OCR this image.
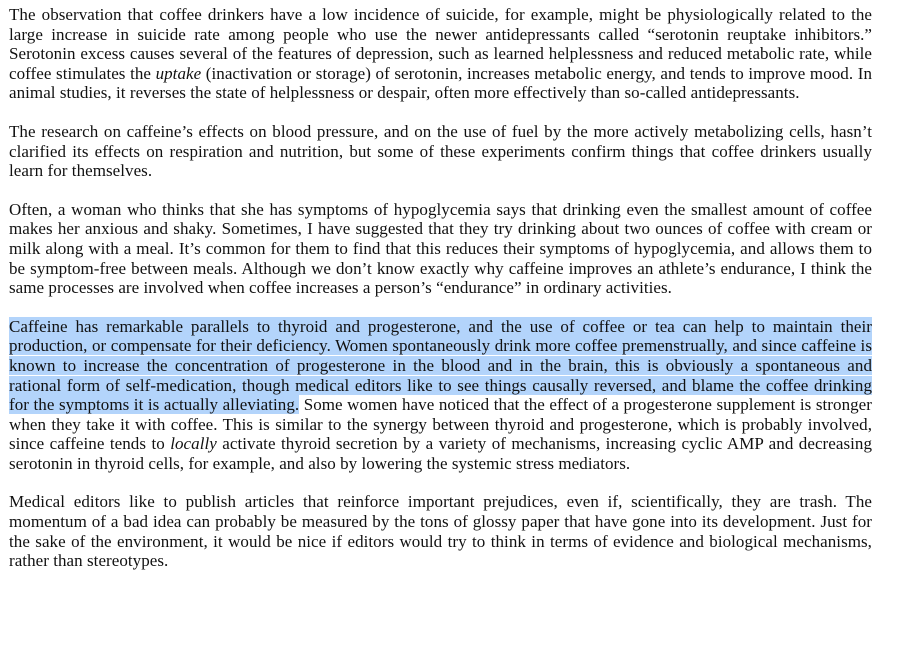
The observation that coffee drinkers have a low incidence of suicide, for example, might be physiologically related to the large increase in suicide rate among people who use the newer antidepressants called “serotonin reuptake inhibitors.” Serotonin excess causes several of the features of depression, such as learned helplessness and reduced metabolic rate, while coffee stimulates the uptake (inactivation or storage) of serotonin, increases metabolic energy, and tends to improve mood. In animal studies, it reverses the state of helplessness or despair, often more effectively than so-called antidepressants.

The research on caffeine’s effects on blood pressure, and on the use of fuel by the more actively metabolizing cells, hasn’t clarified its effects on respiration and nutrition, but some of these experiments confirm things that coffee drinkers usually learn for themselves.

Often, a woman who thinks that she has symptoms of hypoglycemia says that drinking even the smallest amount of coffee makes her anxious and shaky. Sometimes, I have suggested that they try drinking about two ounces of coffee with cream or milk along with a meal. It’s common for them to find that this reduces their symptoms of hypoglycemia, and allows them to be symptom-free between meals. Although we don’t know exactly why caffeine improves an athlete’s endurance, I think the same processes are involved when coffee increases a person’s “endurance” in ordinary activities.

Caffeine has remarkable parallels to thyroid and progesterone, and the use of coffee or tea can help to maintain their production, or compensate for their deficiency. Women spontaneously drink more coffee premenstrually, and since caffeine is known to increase the concentration of progesterone in the blood and in the brain, this is obviously a spontaneous and rational form of self-medication, though medical editors like to see things causally reversed, and blame the coffee drinking for the symptoms it is actually alleviating. Some women have noticed that the effect of a progesterone supplement is stronger when they take it with coffee. This is similar to the synergy between thyroid and progesterone, which is probably involved, since caffeine tends to locally activate thyroid secretion by a variety of mechanisms, increasing cyclic AMP and decreasing serotonin in thyroid cells, for example, and also by lowering the systemic stress mediators.

Medical editors like to publish articles that reinforce important prejudices, even if, scientifically, they are trash. The momentum of a bad idea can probably be measured by the tons of glossy paper that have gone into its development. Just for the sake of the environment, it would be nice if editors would try to think in terms of evidence and biological mechanisms, rather than stereotypes.
